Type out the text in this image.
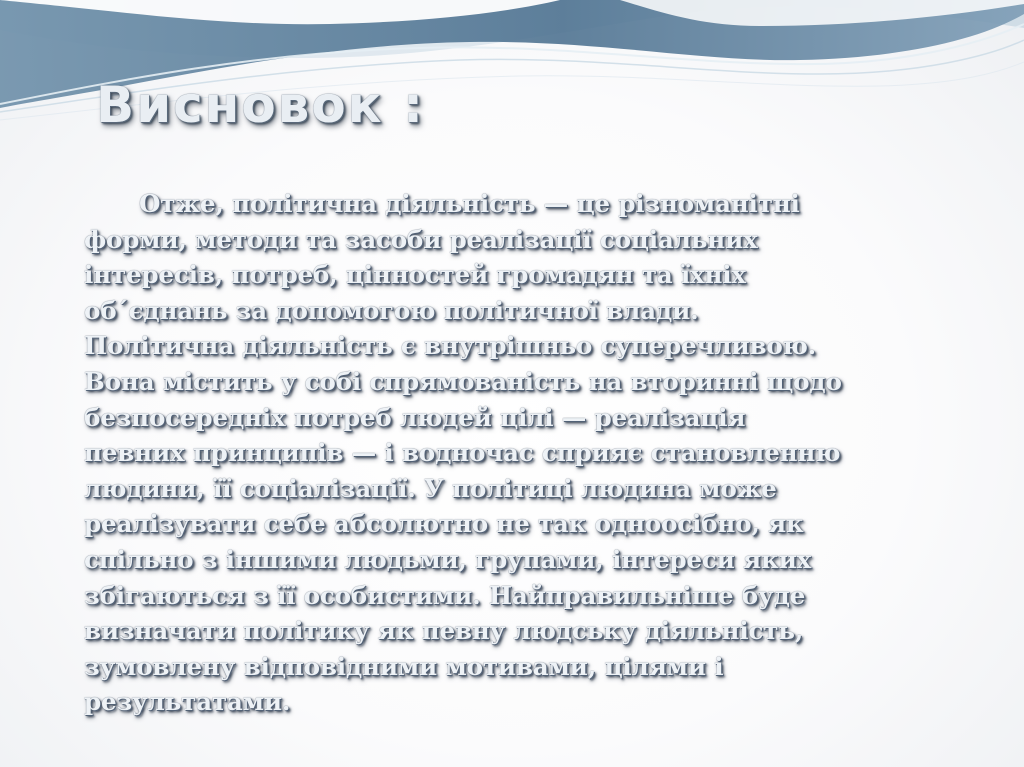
Висновок :

Отже, політична діяльність — це різноманітні
форми, методи та засоби реалізації соціальних
інтересів, потреб, цінностей громадян та їхніх
об´єднань за допомогою політичної влади.
Політична діяльність є внутрішньо суперечливою.
Вона містить у собі спрямованість на вторинні щодо
безпосередніх потреб людей цілі — реалізація
певних принципів — і водночас сприяє становленню
людини, її соціалізації. У політиці людина може
реалізувати себе абсолютно не так одноосібно, як
спільно з іншими людьми, групами, інтереси яких
збігаються з її особистими. Найправильніше буде
визначати політику як певну людську діяльність,
зумовлену відповідними мотивами, цілями і
результатами.
